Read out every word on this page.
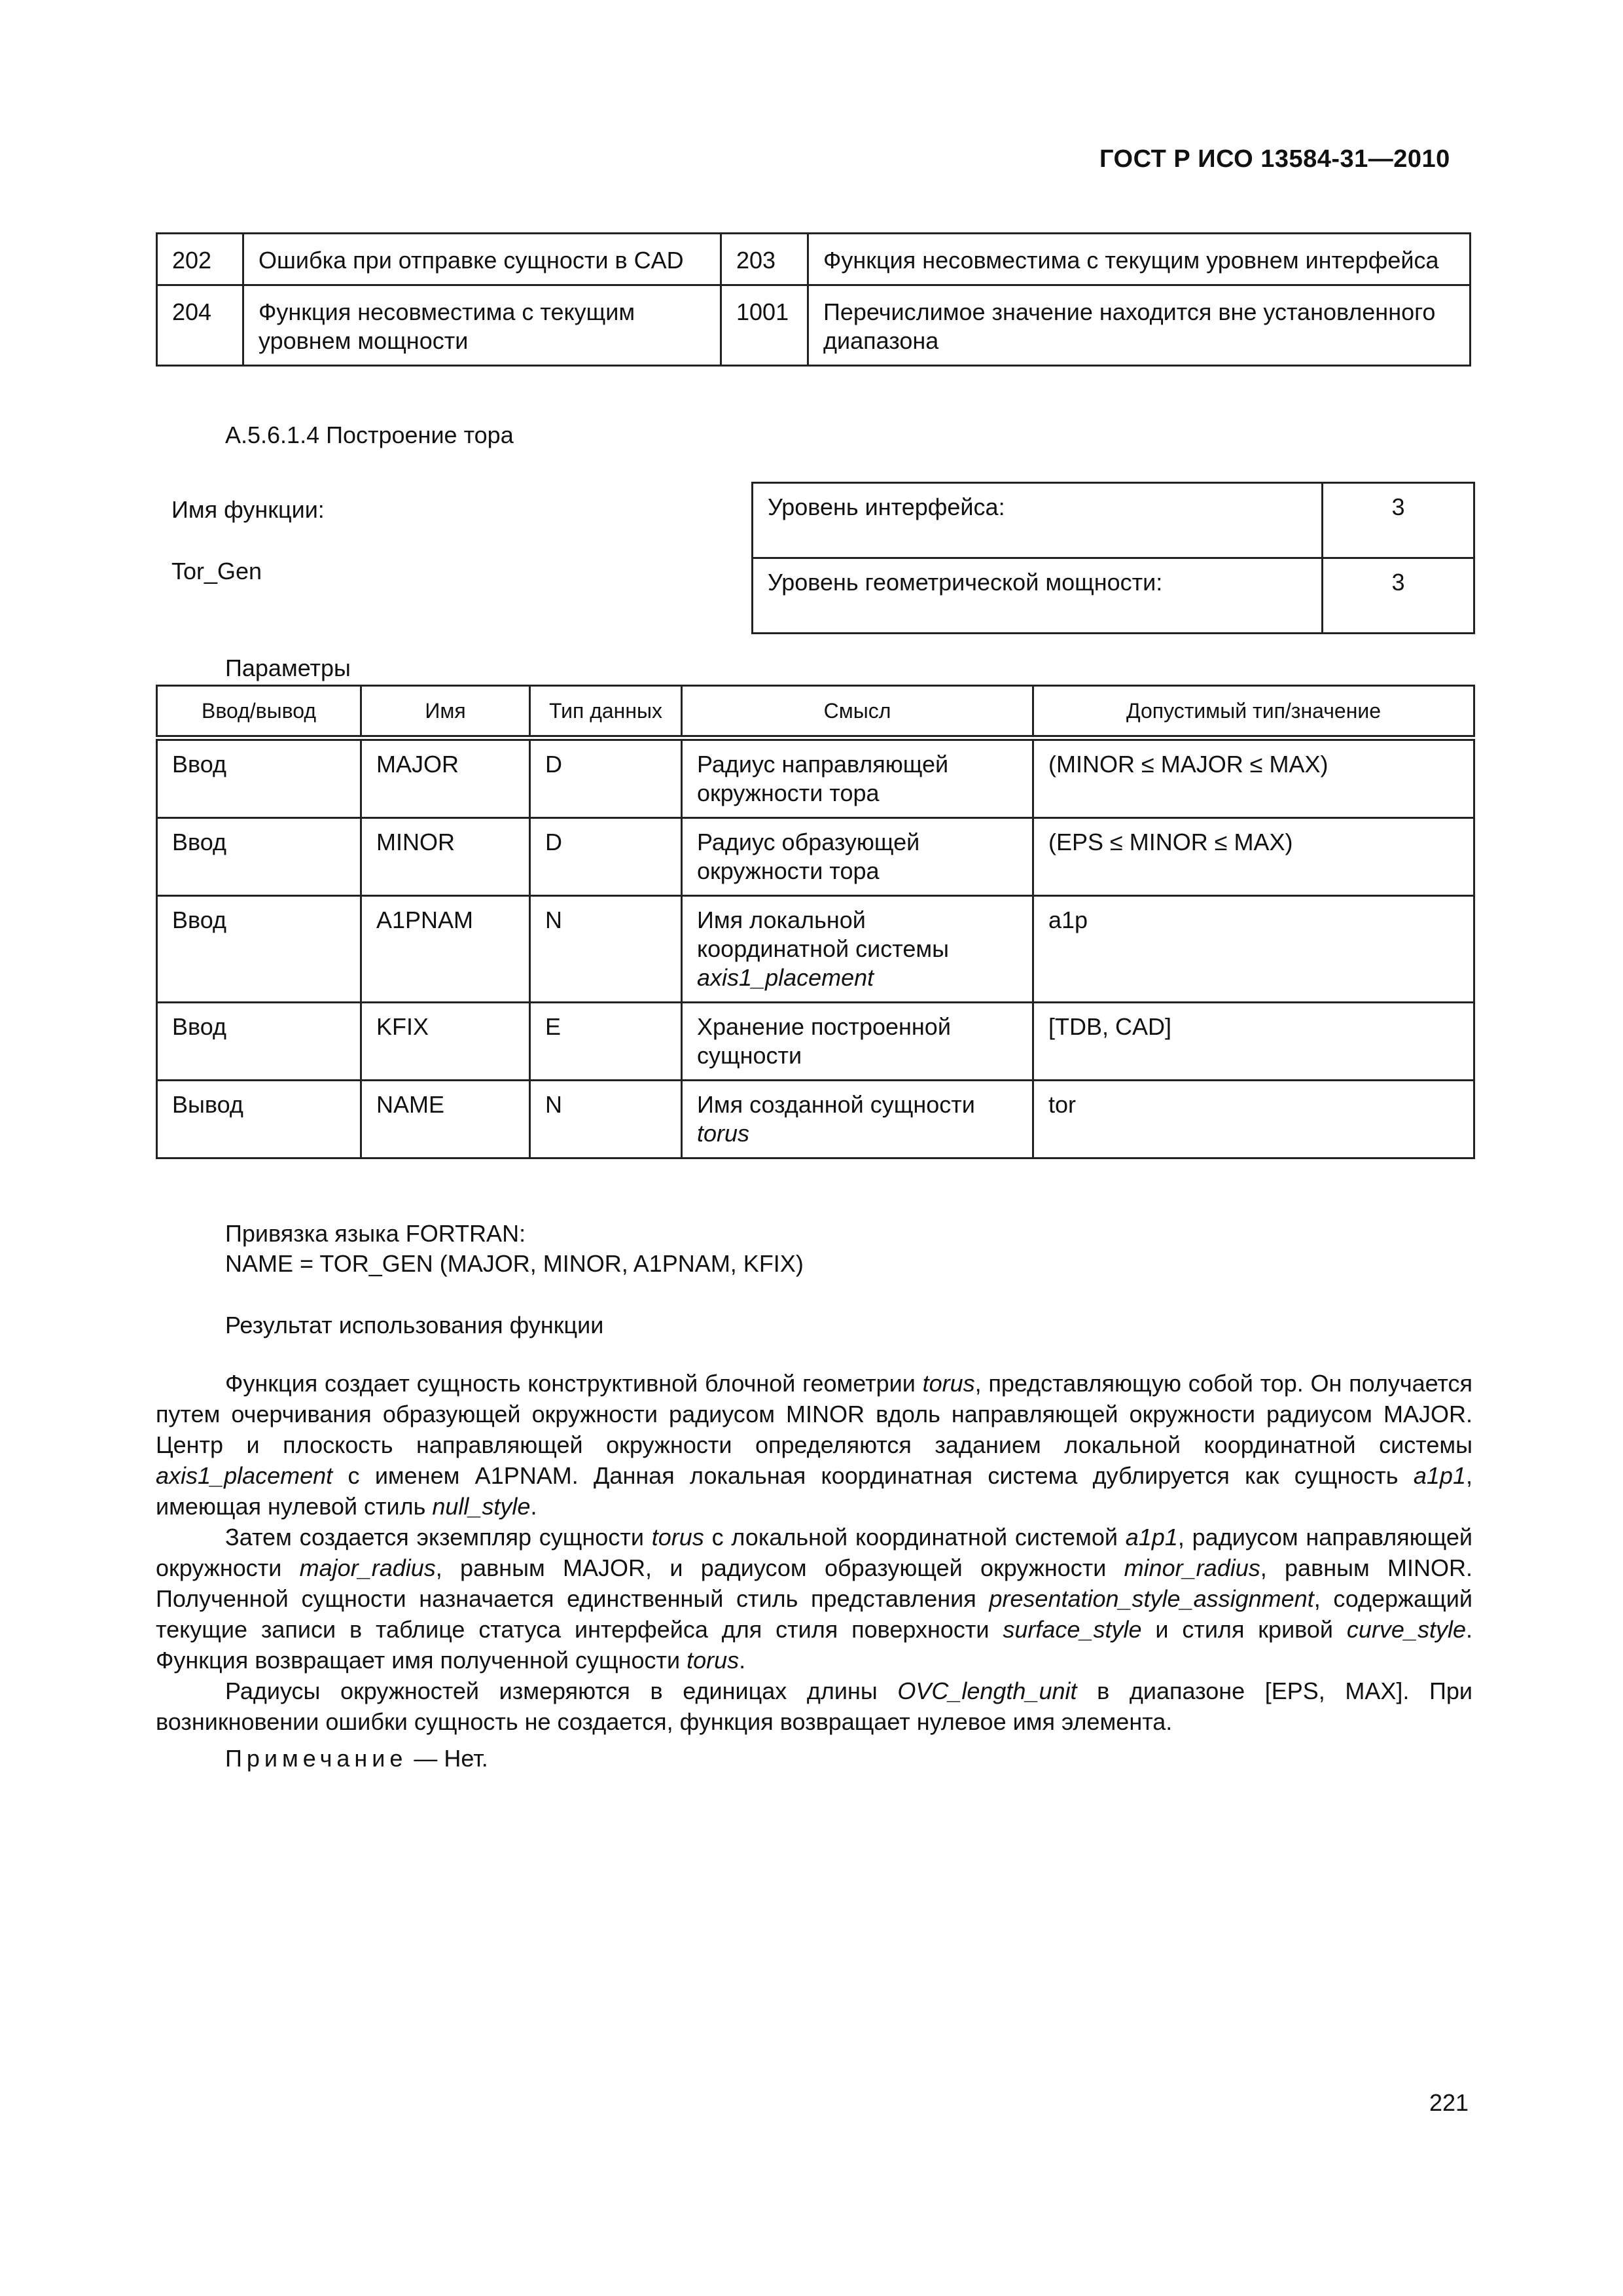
ГОСТ Р ИСО 13584-31—2010
202	Ошибка при отправке сущности в CAD	203	Функция несовместима с текущим уровнем интерфейса
204	Функция несовместима с текущим уровнем мощности	1001	Перечислимое значение находится вне установленного диапазона
А.5.6.1.4 Построение тора
Имя функции:
Tor_Gen
Уровень интерфейса:	3
Уровень геометрической мощности:	3
Параметры
Ввод/вывод	Имя	Тип данных	Смысл	Допустимый тип/значение
Ввод	MAJOR	D	Радиус направляющей окружности тора	(MINOR ≤ MAJOR ≤ MAX)
Ввод	MINOR	D	Радиус образующей окружности тора	(EPS ≤ MINOR ≤ MAX)
Ввод	A1PNAM	N	Имя локальной координатной системы axis1_placement	a1p
Ввод	KFIX	E	Хранение построенной сущности	[TDB, CAD]
Вывод	NAME	N	Имя созданной сущности torus	tor
Привязка языка FORTRAN:
NAME = TOR_GEN (MAJOR, MINOR, A1PNAM, KFIX)
Результат использования функции

Функция создает сущность конструктивной блочной геометрии torus, представляющую собой тор. Он получается путем очерчивания образующей окружности радиусом MINOR вдоль направляющей окружности радиусом MAJOR. Центр и плоскость направляющей окружности определяются заданием локальной координатной системы axis1_placement с именем A1PNAM. Данная локальная координатная система дублируется как сущность a1p1, имеющая нулевой стиль null_style.

Затем создается экземпляр сущности torus с локальной координатной системой a1p1, радиусом направляющей окружности major_radius, равным MAJOR, и радиусом образующей окружности minor_radius, равным MINOR. Полученной сущности назначается единственный стиль представления presentation_style_assignment, содержащий текущие записи в таблице статуса интерфейса для стиля поверхности surface_style и стиля кривой curve_style. Функция возвращает имя полученной сущности torus.

Радиусы окружностей измеряются в единицах длины OVC_length_unit в диапазоне [EPS, MAX]. При возникновении ошибки сущность не создается, функция возвращает нулевое имя элемента.

Примечание — Нет.
221
